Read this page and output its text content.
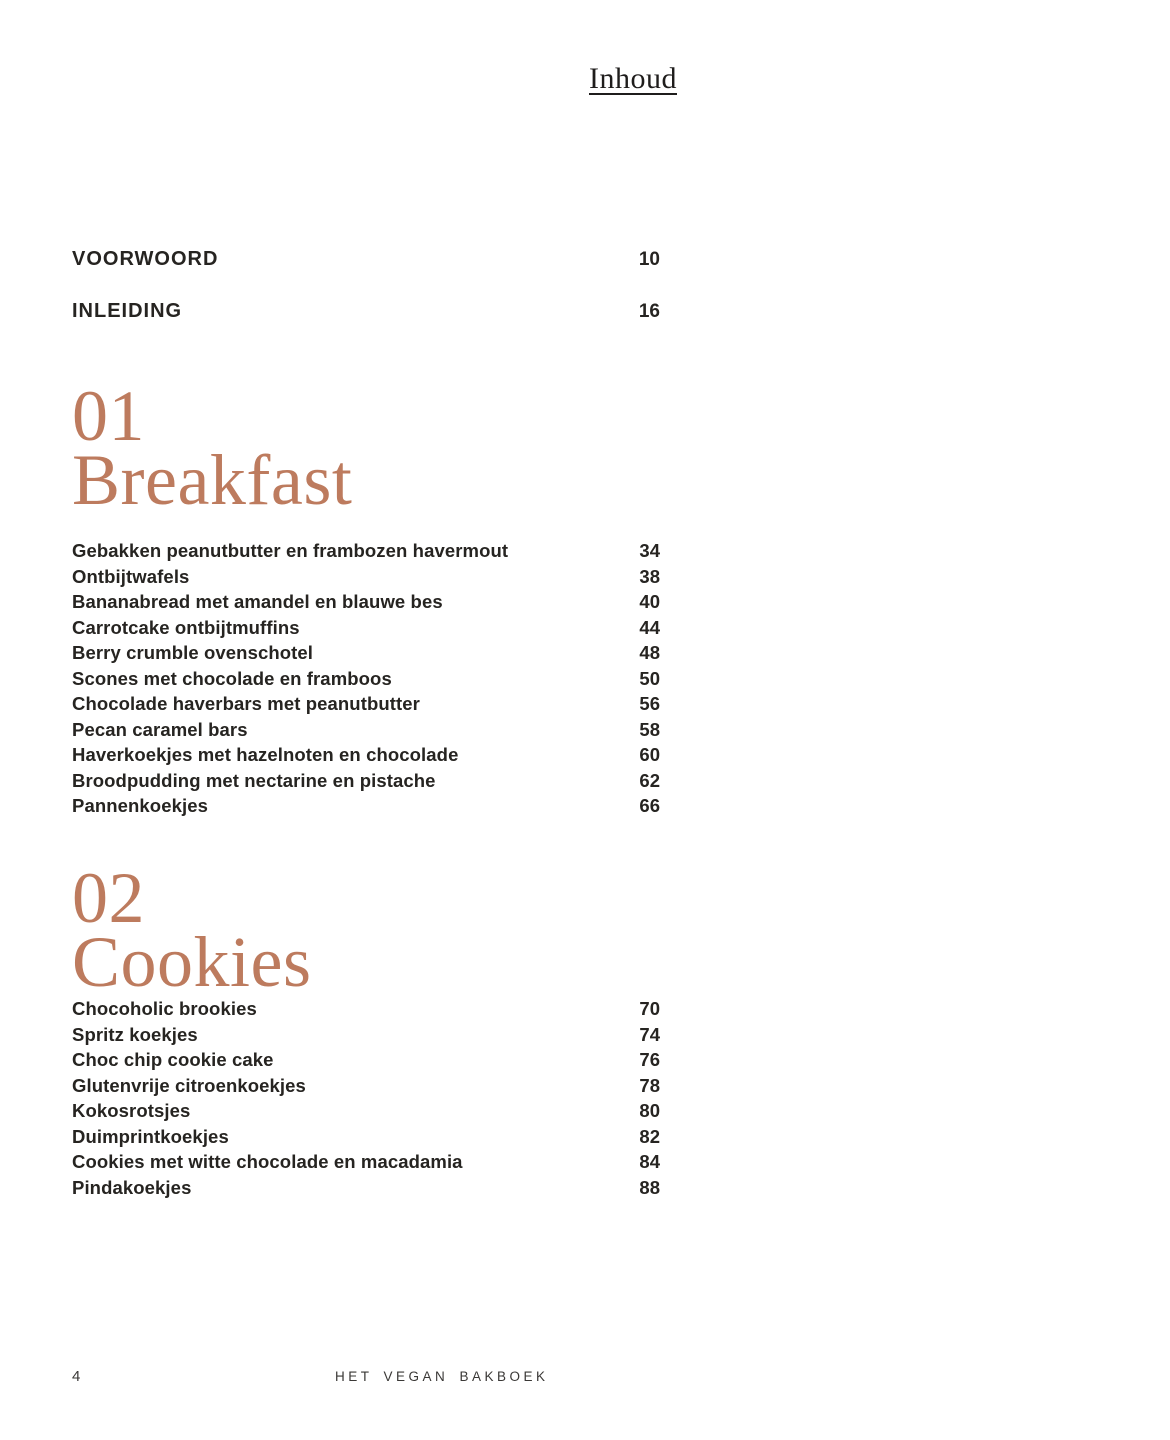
Inhoud
VOORWOORD	10
INLEIDING	16
01
Breakfast
Gebakken peanutbutter en frambozen havermout	34
Ontbijtwafels	38
Bananabread met amandel en blauwe bes	40
Carrotcake ontbijtmuffins	44
Berry crumble ovenschotel	48
Scones met chocolade en framboos	50
Chocolade haverbars met peanutbutter	56
Pecan caramel bars	58
Haverkoekjes met hazelnoten en chocolade	60
Broodpudding met nectarine en pistache	62
Pannenkoekjes	66
02
Cookies
Chocoholic brookies	70
Spritz koekjes	74
Choc chip cookie cake	76
Glutenvrije citroenkoekjes	78
Kokosrotsjes	80
Duimprintkoekjes	82
Cookies met witte chocolade en macadamia	84
Pindakoekjes	88
4	HET VEGAN BAKBOEK
